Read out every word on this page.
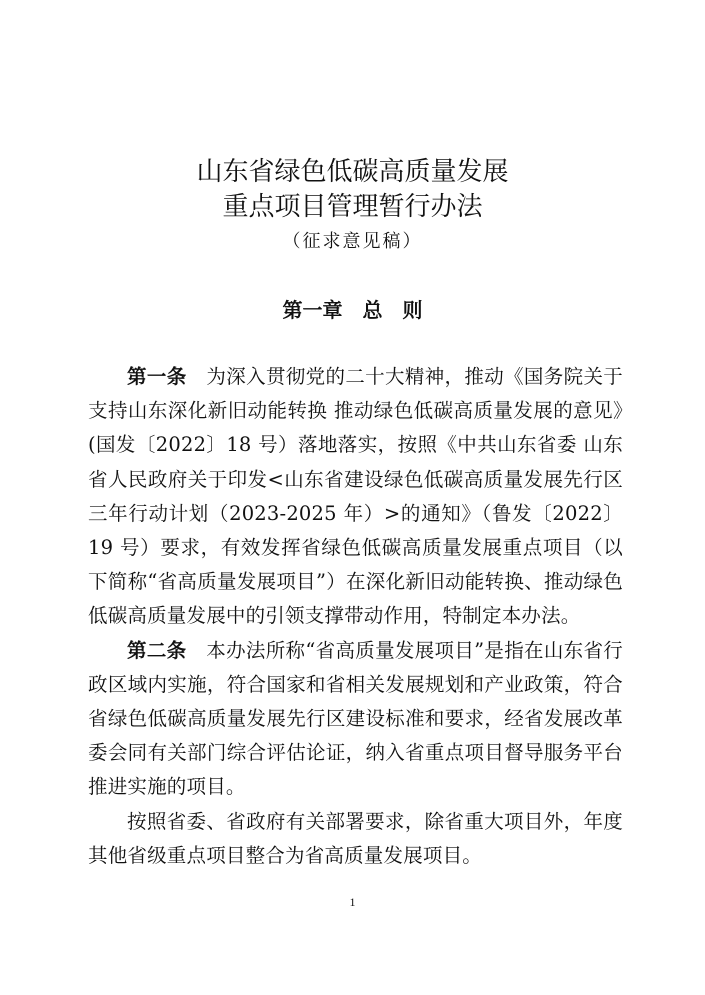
山东省绿色低碳高质量发展
重点项目管理暂行办法
（征求意见稿）
第一章　总　则

第一条　 为深入贯彻党的二十大精神，推动《国务院关于支持山东深化新旧动能转换 推动绿色低碳高质量发展的意见》(国发〔2022〕18 号）落地落实，按照《中共山东省委 山东省人民政府关于印发<山东省建设绿色低碳高质量发展先行区三年行动计划（2023-2025 年）>的通知》（鲁发〔2022〕19 号）要求，有效发挥省绿色低碳高质量发展重点项目（以下简称“省高质量发展项目”）在深化新旧动能转换、推动绿色低碳高质量发展中的引领支撑带动作用，特制定本办法。

第二条　 本办法所称“省高质量发展项目”是指在山东省行政区域内实施，符合国家和省相关发展规划和产业政策，符合省绿色低碳高质量发展先行区建设标准和要求，经省发展改革委会同有关部门综合评估论证，纳入省重点项目督导服务平台推进实施的项目。

按照省委、省政府有关部署要求，除省重大项目外，年度其他省级重点项目整合为省高质量发展项目。

1
